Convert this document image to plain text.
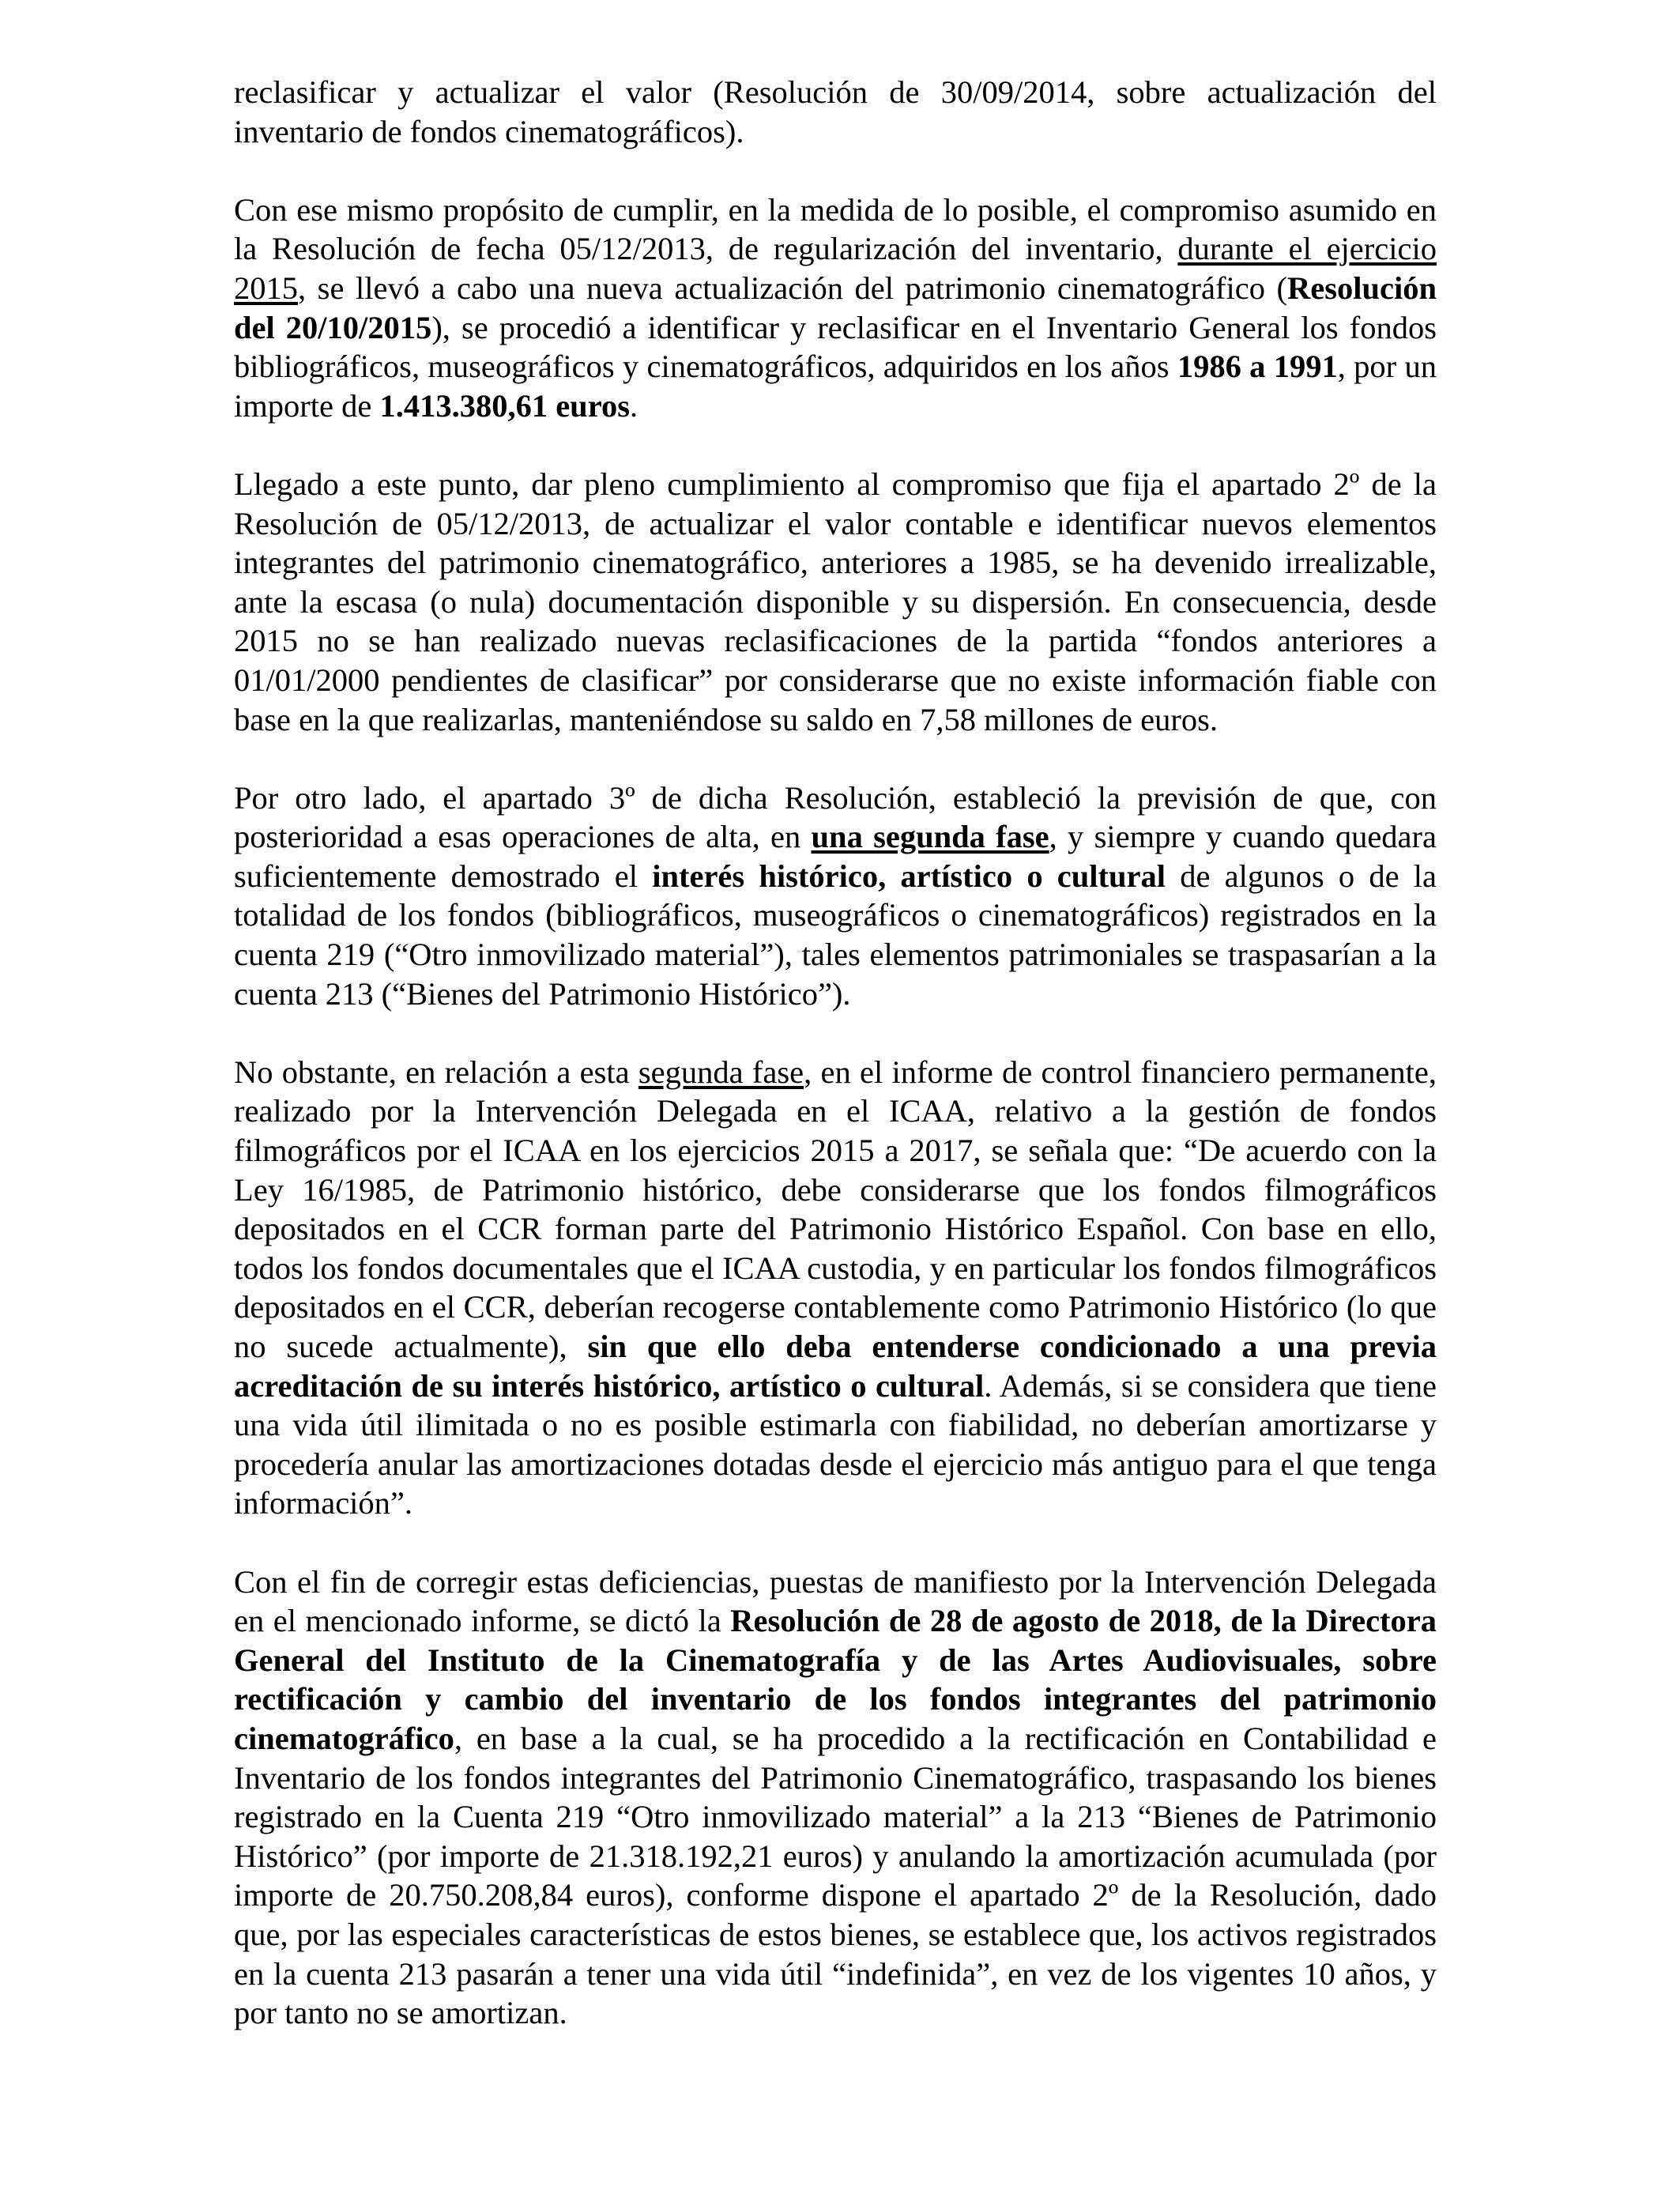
reclasificar y actualizar el valor (Resolución de 30/09/2014, sobre actualización del inventario de fondos cinematográficos).

Con ese mismo propósito de cumplir, en la medida de lo posible, el compromiso asumido en la Resolución de fecha 05/12/2013, de regularización del inventario, durante el ejercicio 2015, se llevó a cabo una nueva actualización del patrimonio cinematográfico (Resolución del 20/10/2015), se procedió a identificar y reclasificar en el Inventario General los fondos bibliográficos, museográficos y cinematográficos, adquiridos en los años 1986 a 1991, por un importe de 1.413.380,61 euros.

Llegado a este punto, dar pleno cumplimiento al compromiso que fija el apartado 2º de la Resolución de 05/12/2013, de actualizar el valor contable e identificar nuevos elementos integrantes del patrimonio cinematográfico, anteriores a 1985, se ha devenido irrealizable, ante la escasa (o nula) documentación disponible y su dispersión. En consecuencia, desde 2015 no se han realizado nuevas reclasificaciones de la partida “fondos anteriores a 01/01/2000 pendientes de clasificar” por considerarse que no existe información fiable con base en la que realizarlas, manteniéndose su saldo en 7,58 millones de euros.

Por otro lado, el apartado 3º de dicha Resolución, estableció la previsión de que, con posterioridad a esas operaciones de alta, en una segunda fase, y siempre y cuando quedara suficientemente demostrado el interés histórico, artístico o cultural de algunos o de la totalidad de los fondos (bibliográficos, museográficos o cinematográficos) registrados en la cuenta 219 (“Otro inmovilizado material”), tales elementos patrimoniales se traspasarían a la cuenta 213 (“Bienes del Patrimonio Histórico”).

No obstante, en relación a esta segunda fase, en el informe de control financiero permanente, realizado por la Intervención Delegada en el ICAA, relativo a la gestión de fondos filmográficos por el ICAA en los ejercicios 2015 a 2017, se señala que: “De acuerdo con la Ley 16/1985, de Patrimonio histórico, debe considerarse que los fondos filmográficos depositados en el CCR forman parte del Patrimonio Histórico Español. Con base en ello, todos los fondos documentales que el ICAA custodia, y en particular los fondos filmográficos depositados en el CCR, deberían recogerse contablemente como Patrimonio Histórico (lo que no sucede actualmente), sin que ello deba entenderse condicionado a una previa acreditación de su interés histórico, artístico o cultural. Además, si se considera que tiene una vida útil ilimitada o no es posible estimarla con fiabilidad, no deberían amortizarse y procedería anular las amortizaciones dotadas desde el ejercicio más antiguo para el que tenga información”.

Con el fin de corregir estas deficiencias, puestas de manifiesto por la Intervención Delegada en el mencionado informe, se dictó la Resolución de 28 de agosto de 2018, de la Directora General del Instituto de la Cinematografía y de las Artes Audiovisuales, sobre rectificación y cambio del inventario de los fondos integrantes del patrimonio cinematográfico, en base a la cual, se ha procedido a la rectificación en Contabilidad e Inventario de los fondos integrantes del Patrimonio Cinematográfico, traspasando los bienes registrado en la Cuenta 219 “Otro inmovilizado material” a la 213 “Bienes de Patrimonio Histórico” (por importe de 21.318.192,21 euros) y anulando la amortización acumulada (por importe de 20.750.208,84 euros), conforme dispone el apartado 2º de la Resolución, dado que, por las especiales características de estos bienes, se establece que, los activos registrados en la cuenta 213 pasarán a tener una vida útil “indefinida”, en vez de los vigentes 10 años, y por tanto no se amortizan.
